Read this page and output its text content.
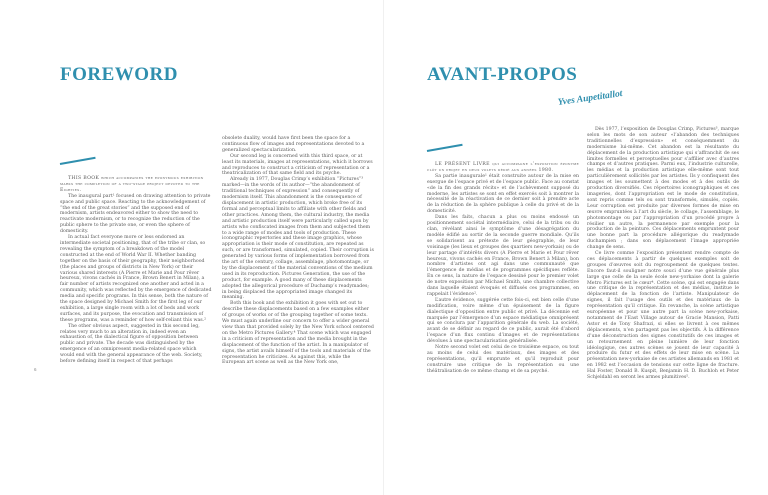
FOREWORD

THIS BOOK which accompanies the eponymous exhibition marks the completion of a two-stage project devoted to the Eighties.

The inaugural part¹ focused on drawing attention to private space and public space. Reacting to the acknowledgement of “the end of the great stories” and the supposed end of modernism, artists endeavored either to show the need to reactivate modernism, or to recognize the reduction of the public sphere to the private one, or even the sphere of domesticity.

In actual fact everyone more or less endorsed an intermediate societal positioning, that of the tribe or clan, so revealing the symptom of a breakdown of the model constructed at the end of World War II. Whether banding together on the basis of their geography, their neighborhood (the places and groups of districts in New York) or their various shared interests (A Pierre et Marie and Pour rêver heureux, vivons cachés in France, Brown Benert in Milan), a fair number of artists recognized one another and acted in a community, which was reflected by the emergence of dedicated media and specific programs. In this sense, both the nature of the space designed by Michael Smith for the first leg of our exhibition, a large single room with a lot of beds and work surfaces, and its purpose, the evocation and transmission of these programs, was a reminder of how self-reliant this was.²

The other obvious aspect, suggested in this second leg, relates very much to an alteration in, indeed even an exhaustion of, the dialectical figure of opposition between public and private. The decade was distinguished by the emergence of an omnipresent media-related space which would end with the general appearance of the web. Society, before defining itself in respect of that perhaps

obsolete duality, would have first been the space for a continuous flow of images and representations devoted to a generalized spectacularization.

Our second leg is concerned with this third space, or at least its materials, images at representations, which it borrows and reproduces to construct a criticism of representation or a theatricalization of that same field and its psyche.

Already in 1977, Douglas Crimp’s exhibition “Pictures”³ marked—in the words of its author—“the abandonment of traditional techniques of expression” and consequently of modernism itself. This abandonment is the consequence of displacement in artistic production, which broke free of its formal and perceptual limits to affiliate with other fields and other practices. Among them, the cultural industry, the media and artistic production itself were particularly called upon by artists who confiscated images from them and subjected them to a wide range of modes and tools of production. These iconographic repertories and these image graphics, whose appropriation is their mode of constitution, are repeated as such, or are transformed, simulated, copied. Their corruption is generated by various forms of implementation borrowed from the art of the century, collage, assemblage, photomontage, or by the displacement of the material conventions of the medium used in its reproduction. Pictures Generation, the use of the product, for example. A good many of these displacements adopted the allegorical procedure of Duchamp’s readymades; in being displaced the appropriated image changed its meaning.

Both this book and the exhibition it goes with set out to describe these displacements based on a few examples either of groups of works or of the grouping together of some texts. We must again underline our concern to offer a wider general view than that provided solely by the New York school centered on the Metro Pictures Gallery.⁴ That scene which was engaged in a criticism of representation and the media brought in the displacement of the function of the artist. In a manipulator of signs, the artist avails himself of the tools and materials of the representation he criticizes. As against this, while the European art scene as well as the New York one,

6
AVANT-PROPOS
Yves Aupetitallot

LE PRÉSENT LIVRE qui accompagne l’exposition éponyme clôt un projet en deux volets dédié aux années 1980.

Sa partie inaugurale¹ était construite autour de la mise en exergue de l’espace privé et de l’espace public. Face au constat «de la fin des grands récits» et de l’achèvement supposé du moderne, les artistes se sont en effet exercés soit à montrer la nécessité de la réactivation de ce dernier soit à prendre acte de la réduction de la sphère publique à celle du privé et de la domesticité.

Dans les faits, chacun a plus ou moins endossé un positionnement sociétal intermédiaire, celui de la tribu ou du clan, révélant ainsi le symptôme d’une désagrégation du modèle édifié au sortir de la seconde guerre mondiale. Qu’ils se solidarisent au prétexte de leur géographie, de leur voisinage (les lieux et groupes des quartiers new-yorkais) ou de leur partage d’intérêts divers (A Pierre et Marie et Pour rêver heureux, vivons cachés en France, Brown Benert à Milan), bon nombre d’artistes ont agi dans une communauté que l’émergence de médias et de programmes spécifiques reflète. En ce sens, la nature de l’espace dessiné pour le premier volet de notre exposition par Michael Smith, une chambre collective dans laquelle étaient évoqués et diffusés ces programmes, en rappelait l’évidence².

L’autre évidence, suggérée cette fois-ci, est bien celle d’une modification, voire même d’un épuisement de la figure dialectique d’opposition entre public et privé. La décennie est marquée par l’émergence d’un espace médiatique omniprésent qui se conclura par l’apparition générale du web. La société, avant de se définir au regard de ce public, aurait été d’abord l’espace d’un flux continu d’images et de représentations dévolues à une spectacularisation généralisée.

Notre second volet est celui de ce troisième espace, ou tout au moins de celui des matériaux, des images et des représentations, qu’il emprunte et qu’il reproduit pour construire une critique de la représentation ou une théâtralisation de ce même champ et de sa psyché.

Dès 1977, l’exposition de Douglas Crimp, Pictures³, marque selon les mots de son auteur «l’abandon des techniques traditionnelles d’expression» et conséquemment du modernisme lui-même. Cet abandon est la résultante du déplacement de la production artistique qui s’affranchit de ses limites formelles et perceptuelles pour s’affilier avec d’autres champs et d’autres pratiques. Parmi eux, l’industrie culturelle, les médias et la production artistique elle-même sont tout particulièrement sollicités par les artistes. Ils y confisquent des images et les soumettent à des modes et à des outils de production diversifiés. Ces répertoires iconographiques et ces imageries, dont l’appropriation est le mode de constitution, sont repris comme tels ou sont transformés, simulés, copiés. Leur corruption est produite par diverses formes de mise en œuvre empruntées à l’art du siècle, le collage, l’assemblage, le photomontage ou par l’appropriation d’un procédé propre à résilier un autre, la permanence par exemple pour la production de la peinture. Ces déplacements empruntent pour une bonne part la procédure allégorique du readymade duchampien ; dans son déplacement l’image appropriée change de sens.

Ce livre comme l’exposition présentent rendre compte de ces déplacements à partir de quelques exemples soit de groupes d’œuvres soit du regroupement de quelques textes. Encore faut-il souligner notre souci d’une vue générale plus large que celle de la seule école new-yorkaise dont la galerie Metro Pictures est le cœur⁴. Cette scène, qui est engagée dans une critique de la représentation et des médias, institue le déplacement de la fonction de l’artiste. Manipulateur de signes, il fait l’usage des outils et des matériaux de la représentation qu’il critique. En revanche, la scène artistique européenne et pour une autre part la scène new-yorkaise, notamment de l’East Village autour de Gracie Mansion, Patti Astor et de Tony Shafrazi, si elles se livrent à ces mêmes déplacements, n’en partagent pas les objectifs. À la différence d’une déconstruction des signes constitutifs de ces images et un retournement en pleine lumière de leur fonction idéologique, ces autres scènes se jouent de leur capacité à produire du futur et des effets de leur mise en scène. La présentation new-yorkaise de ces artistes allemands en 1981 et en 1982 est l’occasion de tensions sur cette ligne de fracture. Hal Foster, Donald B. Kuspit, Benjamin H. D. Buchloh et Peter Schjeldahl en seront les armes plumitives⁵.
